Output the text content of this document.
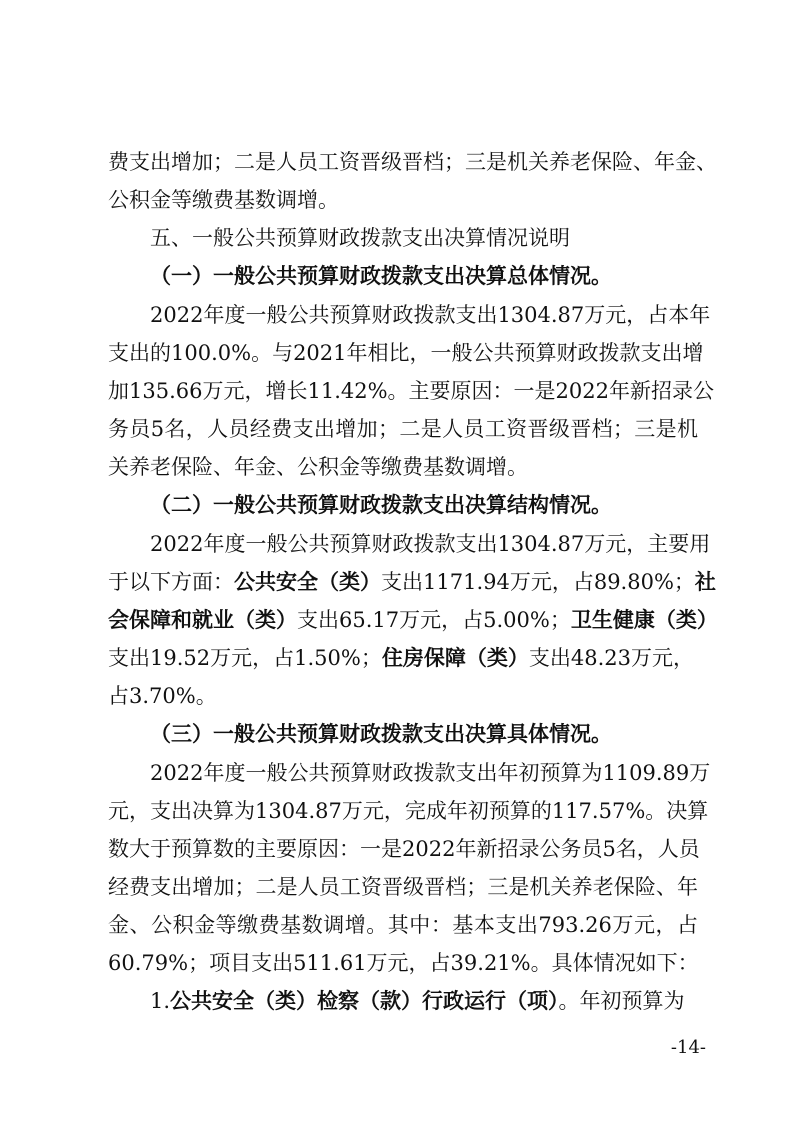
费支出增加；二是人员工资晋级晋档；三是机关养老保险、年金、
公积金等缴费基数调增。
五、一般公共预算财政拨款支出决算情况说明
（一）一般公共预算财政拨款支出决算总体情况。
2022年度一般公共预算财政拨款支出1304.87万元，占本年
支出的100.0%。与2021年相比，一般公共预算财政拨款支出增
加135.66万元，增长11.42%。主要原因：一是2022年新招录公
务员5名，人员经费支出增加；二是人员工资晋级晋档；三是机
关养老保险、年金、公积金等缴费基数调增。
（二）一般公共预算财政拨款支出决算结构情况。
2022年度一般公共预算财政拨款支出1304.87万元，主要用
于以下方面：公共安全（类）支出1171.94万元，占89.80%；社
会保障和就业（类）支出65.17万元，占5.00%；卫生健康（类）
支出19.52万元，占1.50%；住房保障（类）支出48.23万元，
占3.70%。
（三）一般公共预算财政拨款支出决算具体情况。
2022年度一般公共预算财政拨款支出年初预算为1109.89万
元，支出决算为1304.87万元，完成年初预算的117.57%。决算
数大于预算数的主要原因：一是2022年新招录公务员5名，人员
经费支出增加；二是人员工资晋级晋档；三是机关养老保险、年
金、公积金等缴费基数调增。其中：基本支出793.26万元，占
60.79%；项目支出511.61万元，占39.21%。具体情况如下：
1.公共安全（类）检察（款）行政运行（项）。年初预算为
-14-
